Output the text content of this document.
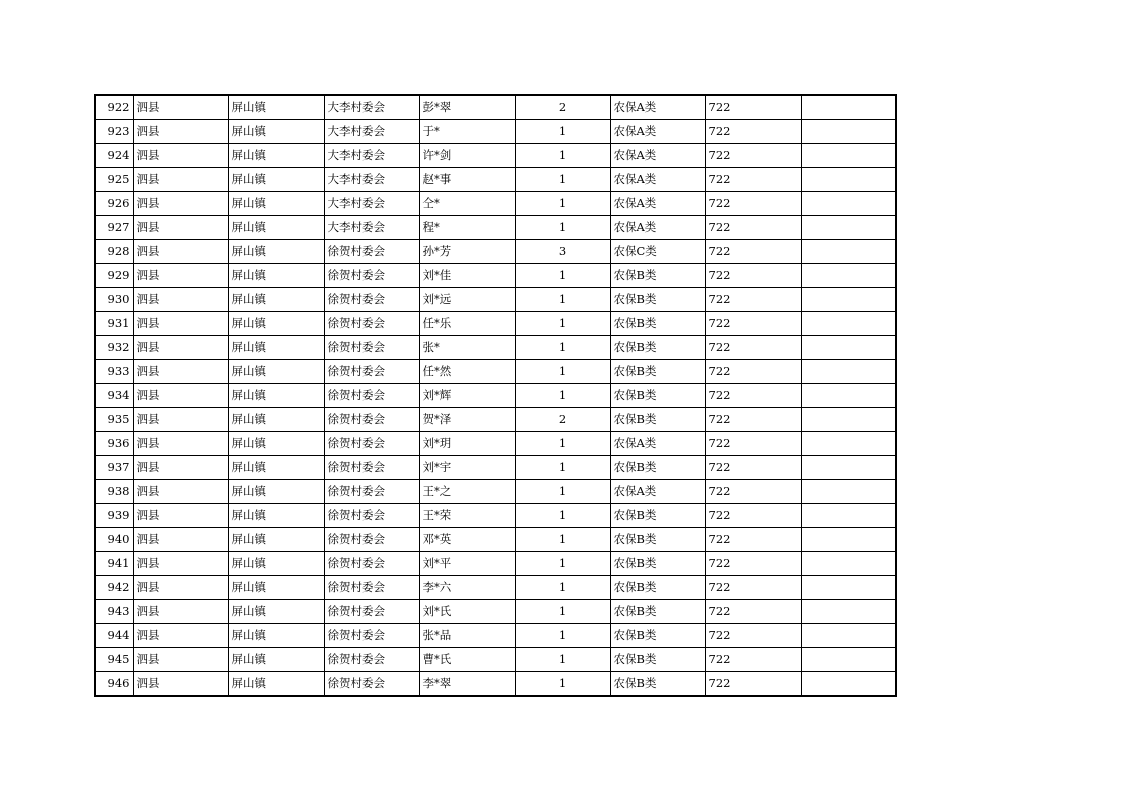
922	泗县	屏山镇	大李村委会	彭*翠	2	农保A类	722	
923	泗县	屏山镇	大李村委会	于*	1	农保A类	722	
924	泗县	屏山镇	大李村委会	许*剑	1	农保A类	722	
925	泗县	屏山镇	大李村委会	赵*事	1	农保A类	722	
926	泗县	屏山镇	大李村委会	仝*	1	农保A类	722	
927	泗县	屏山镇	大李村委会	程*	1	农保A类	722	
928	泗县	屏山镇	徐贺村委会	孙*芳	3	农保C类	722	
929	泗县	屏山镇	徐贺村委会	刘*佳	1	农保B类	722	
930	泗县	屏山镇	徐贺村委会	刘*远	1	农保B类	722	
931	泗县	屏山镇	徐贺村委会	任*乐	1	农保B类	722	
932	泗县	屏山镇	徐贺村委会	张*	1	农保B类	722	
933	泗县	屏山镇	徐贺村委会	任*然	1	农保B类	722	
934	泗县	屏山镇	徐贺村委会	刘*辉	1	农保B类	722	
935	泗县	屏山镇	徐贺村委会	贺*泽	2	农保B类	722	
936	泗县	屏山镇	徐贺村委会	刘*玥	1	农保A类	722	
937	泗县	屏山镇	徐贺村委会	刘*宇	1	农保B类	722	
938	泗县	屏山镇	徐贺村委会	王*之	1	农保A类	722	
939	泗县	屏山镇	徐贺村委会	王*荣	1	农保B类	722	
940	泗县	屏山镇	徐贺村委会	邓*英	1	农保B类	722	
941	泗县	屏山镇	徐贺村委会	刘*平	1	农保B类	722	
942	泗县	屏山镇	徐贺村委会	李*六	1	农保B类	722	
943	泗县	屏山镇	徐贺村委会	刘*氏	1	农保B类	722	
944	泗县	屏山镇	徐贺村委会	张*品	1	农保B类	722	
945	泗县	屏山镇	徐贺村委会	曹*氏	1	农保B类	722	
946	泗县	屏山镇	徐贺村委会	李*翠	1	农保B类	722	
